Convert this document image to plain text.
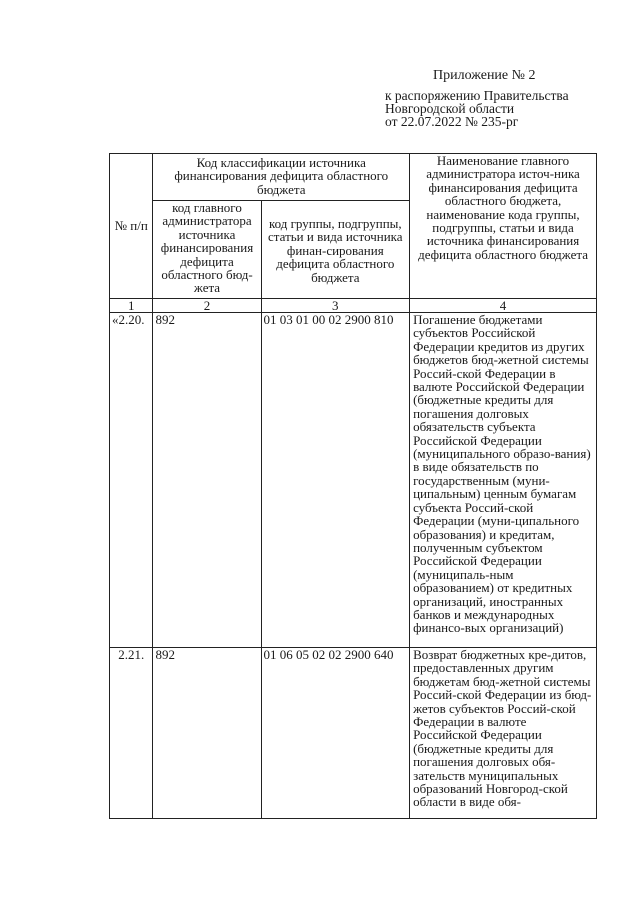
Приложение № 2
к распоряжению Правительства
Новгородской области
от 22.07.2022 № 235-рг
№ п/п	Код классификации источника финансирования дефицита областного бюджета		Наименование главного администратора источ-ника финансирования дефицита областного бюджета, наименование кода группы, подгруппы, статьи и вида источника финансирования дефицита областного бюджета
	код главного администратора источника финансирования дефицита областного бюд-жета	код группы, подгруппы, статьи и вида источника финан-сирования дефицита областного бюджета	
1	2	3	4
«2.20.	892	01 03 01 00 02 2900 810	Погашение бюджетами субъектов Российской Федерации кредитов из других бюджетов бюд-жетной системы Россий-ской Федерации в валюте Российской Федерации (бюджетные кредиты для погашения долговых обязательств субъекта Российской Федерации (муниципального образо-вания) в виде обязательств по государственным (муни-ципальным) ценным бумагам субъекта Россий-ской Федерации (муни-ципального образования) и кредитам, полученным субъектом Российской Федерации (муниципаль-ным образованием) от кредитных организаций, иностранных банков и международных финансо-вых организаций)
2.21.	892	01 06 05 02 02 2900 640	Возврат бюджетных кре-дитов, предоставленных другим бюджетам бюд-жетной системы Россий-ской Федерации из бюд-жетов субъектов Россий-ской Федерации в валюте Российской Федерации (бюджетные кредиты для погашения долговых обя-зательств муниципальных образований Новгород-ской области в виде обя-
